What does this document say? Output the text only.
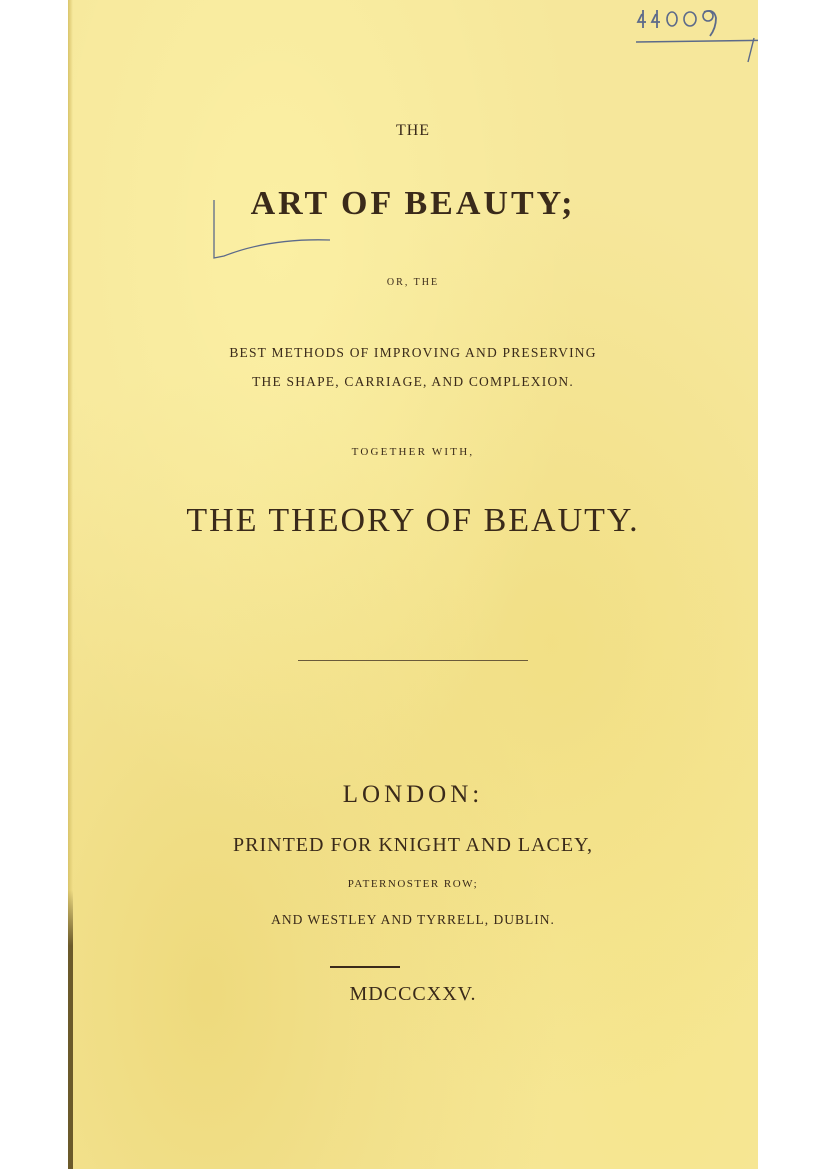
THE

ART OF BEAUTY;

OR, THE

BEST METHODS OF IMPROVING AND PRESERVING

THE SHAPE, CARRIAGE, AND COMPLEXION.

TOGETHER WITH,

THE THEORY OF BEAUTY.

LONDON:

PRINTED FOR KNIGHT AND LACEY,

PATERNOSTER ROW;

AND WESTLEY AND TYRRELL, DUBLIN.

MDCCCXXV.
